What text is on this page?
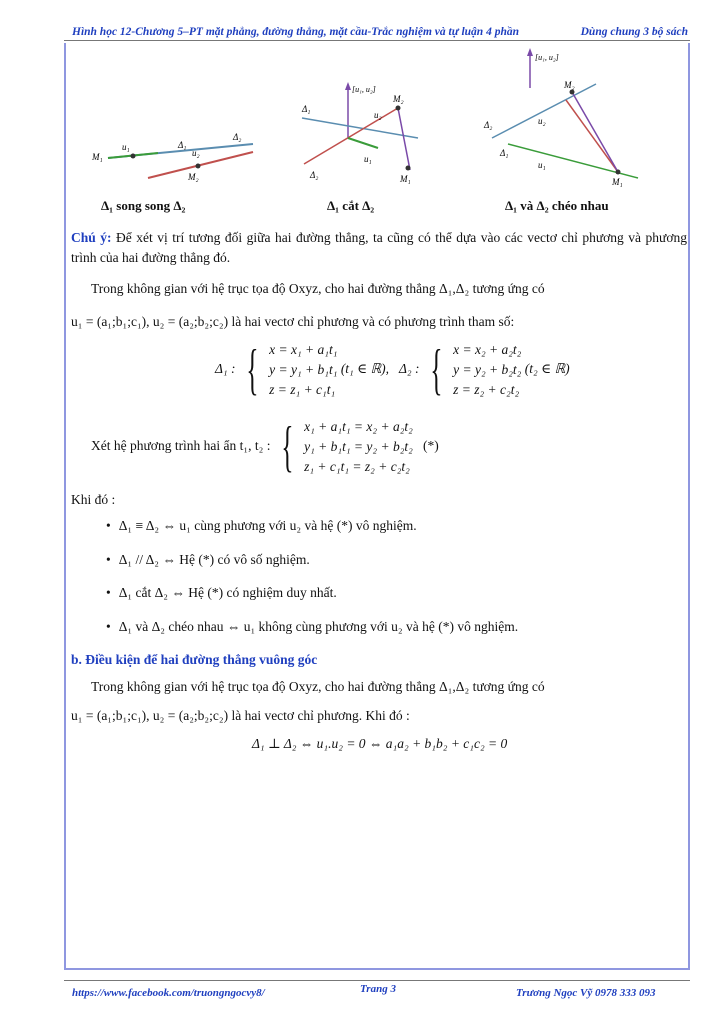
Hình học 12-Chương 5–PT mặt phẳng, đường thẳng, mặt cầu-Trắc nghiệm và tự luận 4 phần	Dùng chung 3 bộ sách
M₁
M₂
u₁	Δ₁
u₂
Δ₂
Δ₁ song song Δ₂
[u₁, u₂]
M₂
u₂
Δ₁
Δ₂
u₁
M₁
Δ₁ cắt Δ₂
[u₁, u₂]
M₂
u₂
Δ₂
Δ₁
u₁
M₁
Δ₁ và Δ₂ chéo nhau
Chú ý: Để xét vị trí tương đối giữa hai đường thẳng, ta cũng có thể dựa vào các vectơ chỉ phương và phương trình của hai đường thẳng đó.
Trong không gian với hệ trục tọa độ Oxyz, cho hai đường thẳng Δ₁,Δ₂ tương ứng có
u₁ = (a₁;b₁;c₁), u₂ = (a₂;b₂;c₂) là hai vectơ chỉ phương và có phương trình tham số:
Δ₁ : { x = x₁ + a₁t₁
y = y₁ + b₁t₁
z = z₁ + c₁t₁
(t₁ ∈ ℝ), Δ₂ : { x = x₂ + a₂t₂
y = y₂ + b₂t₂
z = z₂ + c₂t₂
(t₂ ∈ ℝ)
Xét hệ phương trình hai ẩn t₁, t₂ : { x₁ + a₁t₁ = x₂ + a₂t₂
y₁ + b₁t₁ = y₂ + b₂t₂
z₁ + c₁t₁ = z₂ + c₂t₂
(*)
Khi đó :
• Δ₁ ≡ Δ₂ ⇔ u₁ cùng phương với u₂ và hệ (*) vô nghiệm.
• Δ₁ // Δ₂ ⇔ Hệ (*) có vô số nghiệm.
• Δ₁ cắt Δ₂ ⇔ Hệ (*) có nghiệm duy nhất.
• Δ₁ và Δ₂ chéo nhau ⇔ u₁ không cùng phương với u₂ và hệ (*) vô nghiệm.
b. Điều kiện để hai đường thẳng vuông góc
Trong không gian với hệ trục tọa độ Oxyz, cho hai đường thẳng Δ₁,Δ₂ tương ứng có
u₁ = (a₁;b₁;c₁), u₂ = (a₂;b₂;c₂) là hai vectơ chỉ phương. Khi đó :
Δ₁ ⊥ Δ₂ ⇔ u₁.u₂ = 0 ⇔ a₁a₂ + b₁b₂ + c₁c₂ = 0
https://www.facebook.com/truongngocvy8/	Trang 3	Trương Ngọc Vỹ 0978 333 093
